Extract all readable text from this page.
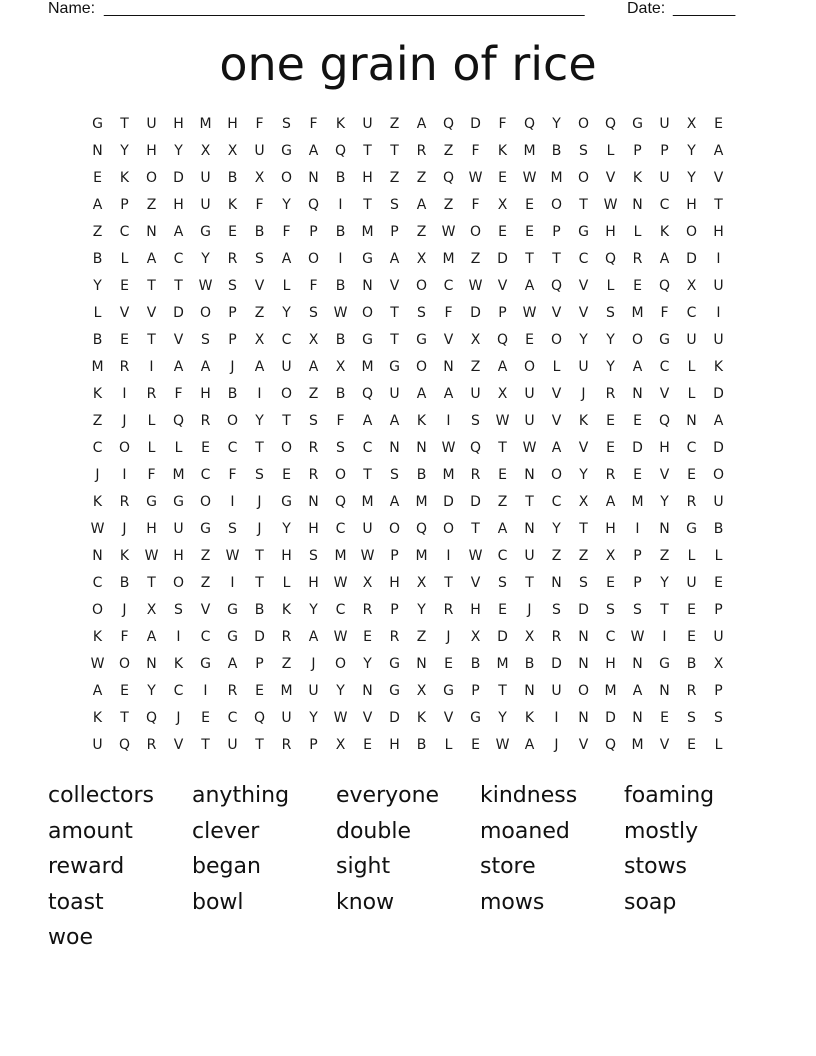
Name: ______________________________________________________	Date: _______
one grain of rice
G	T	U	H	M	H	F	S	F	K	U	Z	A	Q	D	F	Q	Y	O	Q	G	U	X	E
N	Y	H	Y	X	X	U	G	A	Q	T	T	R	Z	F	K	M	B	S	L	P	P	Y	A
E	K	O	D	U	B	X	O	N	B	H	Z	Z	Q	W	E	W	M	O	V	K	U	Y	V
A	P	Z	H	U	K	F	Y	Q	I	T	S	A	Z	F	X	E	O	T	W	N	C	H	T
Z	C	N	A	G	E	B	F	P	B	M	P	Z	W	O	E	E	P	G	H	L	K	O	H
B	L	A	C	Y	R	S	A	O	I	G	A	X	M	Z	D	T	T	C	Q	R	A	D	I
Y	E	T	T	W	S	V	L	F	B	N	V	O	C	W	V	A	Q	V	L	E	Q	X	U
L	V	V	D	O	P	Z	Y	S	W	O	T	S	F	D	P	W	V	V	S	M	F	C	I
B	E	T	V	S	P	X	C	X	B	G	T	G	V	X	Q	E	O	Y	Y	O	G	U	U
M	R	I	A	A	J	A	U	A	X	M	G	O	N	Z	A	O	L	U	Y	A	C	L	K
K	I	R	F	H	B	I	O	Z	B	Q	U	A	A	U	X	U	V	J	R	N	V	L	D
Z	J	L	Q	R	O	Y	T	S	F	A	A	K	I	S	W	U	V	K	E	E	Q	N	A
C	O	L	L	E	C	T	O	R	S	C	N	N	W	Q	T	W	A	V	E	D	H	C	D
J	I	F	M	C	F	S	E	R	O	T	S	B	M	R	E	N	O	Y	R	E	V	E	O
K	R	G	G	O	I	J	G	N	Q	M	A	M	D	D	Z	T	C	X	A	M	Y	R	U
W	J	H	U	G	S	J	Y	H	C	U	O	Q	O	T	A	N	Y	T	H	I	N	G	B
N	K	W	H	Z	W	T	H	S	M	W	P	M	I	W	C	U	Z	Z	X	P	Z	L	L
C	B	T	O	Z	I	T	L	H	W	X	H	X	T	V	S	T	N	S	E	P	Y	U	E
O	J	X	S	V	G	B	K	Y	C	R	P	Y	R	H	E	J	S	D	S	S	T	E	P
K	F	A	I	C	G	D	R	A	W	E	R	Z	J	X	D	X	R	N	C	W	I	E	U
W	O	N	K	G	A	P	Z	J	O	Y	G	N	E	B	M	B	D	N	H	N	G	B	X
A	E	Y	C	I	R	E	M	U	Y	N	G	X	G	P	T	N	U	O	M	A	N	R	P
K	T	Q	J	E	C	Q	U	Y	W	V	D	K	V	G	Y	K	I	N	D	N	E	S	S
U	Q	R	V	T	U	T	R	P	X	E	H	B	L	E	W	A	J	V	Q	M	V	E	L
collectors	anything	everyone	kindness	foaming
amount	clever	double	moaned	mostly
reward	began	sight	store	stows
toast	bowl	know	mows	soap
woe
